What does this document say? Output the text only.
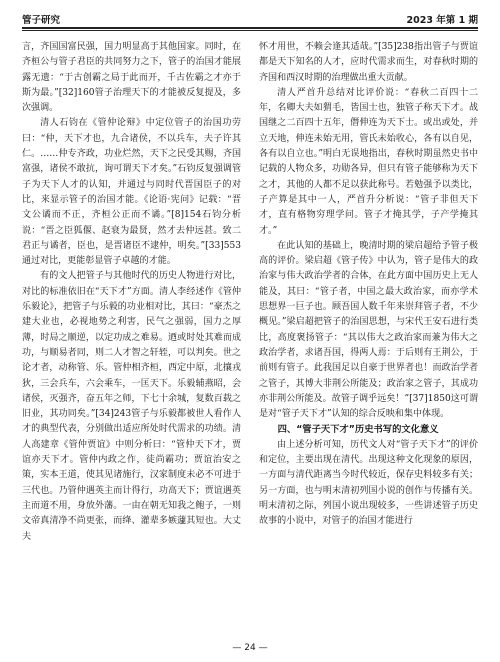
管子研究	2023 年第 1 期

言，齐国国富民强，国力明显高于其他国家。同时，在齐桓公与管子君臣的共同努力之下，管子的治国才能展露无遗：“于古创霸之局于此而开，千古佐霸之才亦于斯为最。”[32]160管子治理天下的才能被反复提及，多次强调。

清人石钧在《管仲论辩》中定位管子的治国功劳曰：“仲，天下才也，九合诸侯，不以兵车，夫子许其仁。……仲专齐政，功业烂然，天下之民受其赐，齐国富强，诸侯不敢抗，询可谓天下才矣。”石钧反复强调管子为天下人才的认知，并通过与同时代晋国臣子的对比，来显示管子的治国才能。《论语·宪问》记载：“晋文公谲而不正，齐桓公正而不谲。”[8]154石钧分析说：“晋之臣狐偃、赵衰为最贤，然才去仲远甚。致二君正与谲者，臣也，是晋诸臣不逮仲，明矣。”[33]553通过对比，更能彰显管子卓越的才能。

有的文人把管子与其他时代的历史人物进行对比，对比的标准依旧在“天下才”方面。清人李经述作《管仲乐毅论》，把管子与乐毅的功业相对比，其曰：“豪杰之建大业也，必视地势之利害，民气之强弱，国力之厚薄，时局之顺逆，以定功成之难易。迺或时处其难而成功，与顺易者同，则二人才智之轩轾，可以判矣。世之论才者，动称管、乐。管仲相齐桓，西定中原，北攘戎狄，三会兵车，六会乘车，一匡天下。乐毅辅燕昭，会诸侯，灭强齐，奋五年之师，下七十余城，复数百载之旧业，其功同矣。”[34]243管子与乐毅都被世人看作人才的典型代表，分别做出适应所处时代需求的功绩。清人高建章《管仲贾谊》中则分析曰：“管仲天下才，贾谊亦天下才。管仲内政之作，徒尚霸功；贾谊治安之策，实本王道，使其见诸施行，汉家制度未必不可进于三代也。乃管仲遇英主而计得行，功高天下；贾谊遇英主而道不用，身放外藩。一由在朝无知我之鲍子，一则文帝真清净不尚更张，而绛、灌辈多嫉蘧其短也。大丈夫

怀才用世，不赖会逢其适哉。”[35]238指出管子与贾谊都是天下知名的人才，应时代需求而生，对春秋时期的齐国和西汉时期的治理做出重大贡献。

清人严首升总结对比评价说：“春秋二百四十二年，名卿大夫如猬毛，皆国士也，独管子称天下才。战国继之二百四十五年，僭伸连为天下士。或出或处，并立天地，伸连未始无用，管氏未始收心，各有以自见，各有以自立也。”明白无误地指出，春秋时期虽然史书中记载的人物众多，功勋各异，但只有管子能够称为天下之才，其他的人都不足以获此称号。若勉强予以类比，子产算是其中一人，严首升分析说：“管子非但天下才，直有格物穷理学问。管子才掩其学，子产学掩其才。”

在此认知的基础上，晚清时期的梁启超给予管子极高的评价。梁启超《管子传》中认为，管子是伟大的政治家与伟大政治学者的合体，在此方面中国历史上无人能及，其曰：“管子者，中国之最大政治家，而亦学术思想界一巨子也。顾吾国人数千年来崇拜管子者，不少概见。”梁启超把管子的治国思想，与宋代王安石进行类比，高度褒扬管子：“其以伟大之政治家而兼为伟大之政治学者，求诸吾国，得两人焉：于后则有王荆公，于前则有管子。此我国足以自豪于世界者也！而政治学者之管子，其博大非荆公所能及；政治家之管子，其成功亦非荆公所能及。故管子调乎远矣！”[37]1850这可谓是对“管子天下才”认知的综合反映和集中体现。

四、“管子天下才”历史书写的文化意义

由上述分析可知，历代文人对“管子天下才”的评价和定位，主要出现在清代。出现这种文化现象的原因，一方面与清代距离当今时代较近，保存史料较多有关；另一方面，也与明末清初列国小说的创作与传播有关。明末清初之际，列国小说出现较多，一些讲述管子历史故事的小说中，对管子的治国才能进行

— 24 —
